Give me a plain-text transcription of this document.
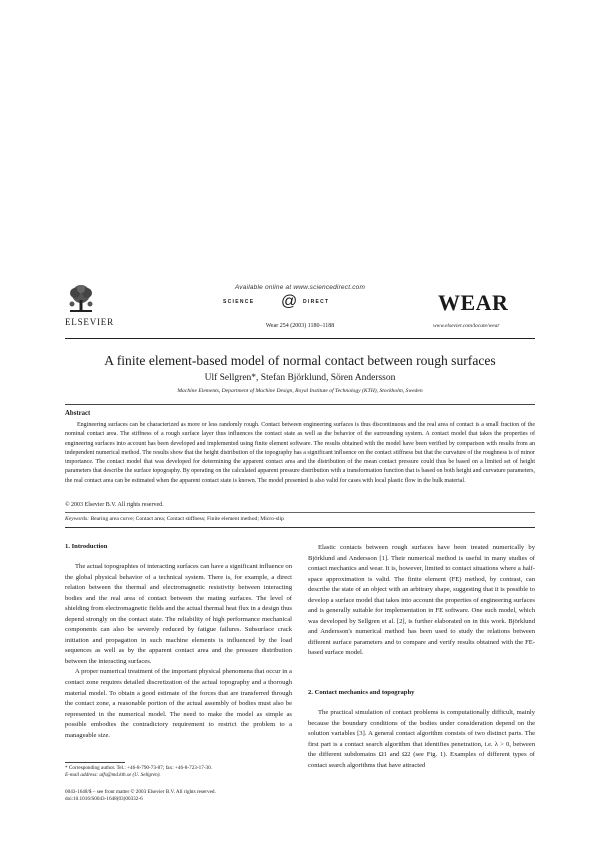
Available online at www.sciencedirect.com
SCIENCE @ DIRECT
ELSEVIER	Wear 254 (2003) 1180–1188
WEAR
www.elsevier.com/locate/wear
A finite element-based model of normal contact between rough surfaces
Ulf Sellgren*, Stefan Björklund, Sören Andersson
Machine Elements, Department of Machine Design, Royal Institute of Technology (KTH), Stockholm, Sweden
Abstract
Engineering surfaces can be characterized as more or less randomly rough. Contact between engineering surfaces is thus discontinuous and the real area of contact is a small fraction of the nominal contact area. The stiffness of a rough surface layer thus influences the contact state as well as the behavior of the surrounding system. A contact model that takes the properties of engineering surfaces into account has been developed and implemented using finite element software. The results obtained with the model have been verified by comparison with results from an independent numerical method. The results show that the height distribution of the topography has a significant influence on the contact stiffness but that the curvature of the roughness is of minor importance. The contact model that was developed for determining the apparent contact area and the distribution of the mean contact pressure could thus be based on a limited set of height parameters that describe the surface topography. By operating on the calculated apparent pressure distribution with a transformation function that is based on both height and curvature parameters, the real contact area can be estimated when the apparent contact state is known. The model presented is also valid for cases with local plastic flow in the bulk material.
© 2003 Elsevier B.V. All rights reserved.
Keywords: Bearing area curve; Contact area; Contact stiffness; Finite element method; Micro-slip
1. Introduction

The actual topographies of interacting surfaces can have a significant influence on the global physical behavior of a technical system. There is, for example, a direct relation between the thermal and electromagnetic resistivity between interacting bodies and the real area of contact between the mating surfaces. The level of shielding from electromagnetic fields and the actual thermal heat flux in a design thus depend strongly on the contact state. The reliability of high performance mechanical components can also be severely reduced by fatigue failures. Subsurface crack initiation and propagation in such machine elements is influenced by the load sequences as well as by the apparent contact area and the pressure distribution between the interacting surfaces.

A proper numerical treatment of the important physical phenomena that occur in a contact zone requires detailed discretization of the actual topography and a thorough material model. To obtain a good estimate of the forces that are transferred through the contact zone, a reasonable portion of the actual assembly of bodies must also be represented in the numerical model. The need to make the model as simple as possible embodies the contradictory requirement to restrict the problem to a manageable size.

Elastic contacts between rough surfaces have been treated numerically by Björklund and Andersson [1]. Their numerical method is useful in many studies of contact mechanics and wear. It is, however, limited to contact situations where a half-space approximation is valid. The finite element (FE) method, by contrast, can describe the state of an object with an arbitrary shape, suggesting that it is possible to develop a surface model that takes into account the properties of engineering surfaces and is generally suitable for implementation in FE software. One such model, which was developed by Sellgren et al. [2], is further elaborated on in this work. Björklund and Andersson's numerical method has been used to study the relations between different surface parameters and to compare and verify results obtained with the FE-based surface model.

2. Contact mechanics and topography

The practical simulation of contact problems is computationally difficult, mainly because the boundary conditions of the bodies under consideration depend on the solution variables [3]. A general contact algorithm consists of two distinct parts. The first part is a contact search algorithm that identifies penetration, i.e. λ > 0, between the different subdomains Ω1 and Ω2 (see Fig. 1). Examples of different types of contact search algorithms that have attracted

* Corresponding author. Tel.: +46-8-790-73-87; fax: +46-8-723-17-30.
E-mail address: ulfs@md.kth.se (U. Sellgren).
0043-1648/$ – see front matter © 2003 Elsevier B.V. All rights reserved.
doi:10.1016/S0043-1648(03)00332-6
